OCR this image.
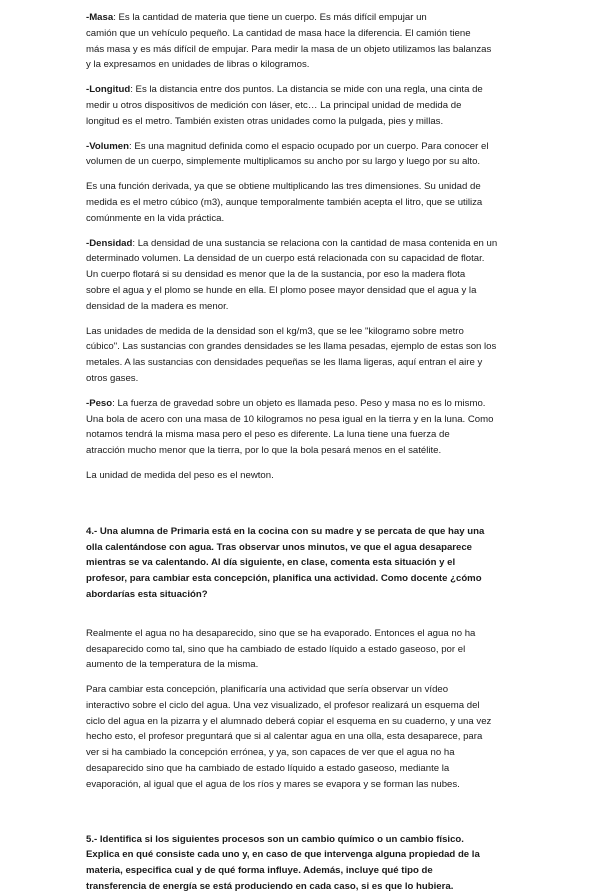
-Masa: Es la cantidad de materia que tiene un cuerpo. Es más difícil empujar un
camión que un vehículo pequeño. La cantidad de masa hace la diferencia. El camión tiene
más masa y es más difícil de empujar. Para medir la masa de un objeto utilizamos las balanzas
y la expresamos en unidades de libras o kilogramos.

-Longitud: Es la distancia entre dos puntos. La distancia se mide con una regla, una cinta de
medir u otros dispositivos de medición con láser, etc… La principal unidad de medida de
longitud es el metro. También existen otras unidades como la pulgada, pies y millas.

-Volumen: Es una magnitud definida como el espacio ocupado por un cuerpo. Para conocer el
volumen de un cuerpo, simplemente multiplicamos su ancho por su largo y luego por su alto.

Es una función derivada, ya que se obtiene multiplicando las tres dimensiones. Su unidad de
medida es el metro cúbico (m3), aunque temporalmente también acepta el litro, que se utiliza
comúnmente en la vida práctica.

-Densidad: La densidad de una sustancia se relaciona con la cantidad de masa contenida en un
determinado volumen. La densidad de un cuerpo está relacionada con su capacidad de flotar.
Un cuerpo flotará si su densidad es menor que la de la sustancia, por eso la madera flota
sobre el agua y el plomo se hunde en ella. El plomo posee mayor densidad que el agua y la
densidad de la madera es menor.

Las unidades de medida de la densidad son el kg/m3, que se lee "kilogramo sobre metro
cúbico". Las sustancias con grandes densidades se les llama pesadas, ejemplo de estas son los
metales. A las sustancias con densidades pequeñas se les llama ligeras, aquí entran el aire y
otros gases.

-Peso: La fuerza de gravedad sobre un objeto es llamada peso. Peso y masa no es lo mismo.
Una bola de acero con una masa de 10 kilogramos no pesa igual en la tierra y en la luna. Como
notamos tendrá la misma masa pero el peso es diferente. La luna tiene una fuerza de
atracción mucho menor que la tierra, por lo que la bola pesará menos en el satélite.

La unidad de medida del peso es el newton.

4.- Una alumna de Primaria está en la cocina con su madre y se percata de que hay una
olla calentándose con agua. Tras observar unos minutos, ve que el agua desaparece
mientras se va calentando. Al día siguiente, en clase, comenta esta situación y el
profesor, para cambiar esta concepción, planifica una actividad. Como docente ¿cómo
abordarías esta situación?

Realmente el agua no ha desaparecido, sino que se ha evaporado. Entonces el agua no ha
desaparecido como tal, sino que ha cambiado de estado líquido a estado gaseoso, por el
aumento de la temperatura de la misma.

Para cambiar esta concepción, planificaría una actividad que sería observar un vídeo
interactivo sobre el ciclo del agua. Una vez visualizado, el profesor realizará un esquema del
ciclo del agua en la pizarra y el alumnado deberá copiar el esquema en su cuaderno, y una vez
hecho esto, el profesor preguntará que si al calentar agua en una olla, esta desaparece, para
ver si ha cambiado la concepción errónea, y ya, son capaces de ver que el agua no ha
desaparecido sino que ha cambiado de estado líquido a estado gaseoso, mediante la
evaporación, al igual que el agua de los ríos y mares se evapora y se forman las nubes.

5.- Identifica si los siguientes procesos son un cambio químico o un cambio físico.
Explica en qué consiste cada uno y, en caso de que intervenga alguna propiedad de la
materia, especifica cual y de qué forma influye. Además, incluye qué tipo de
transferencia de energía se está produciendo en cada caso, si es que lo hubiera.
